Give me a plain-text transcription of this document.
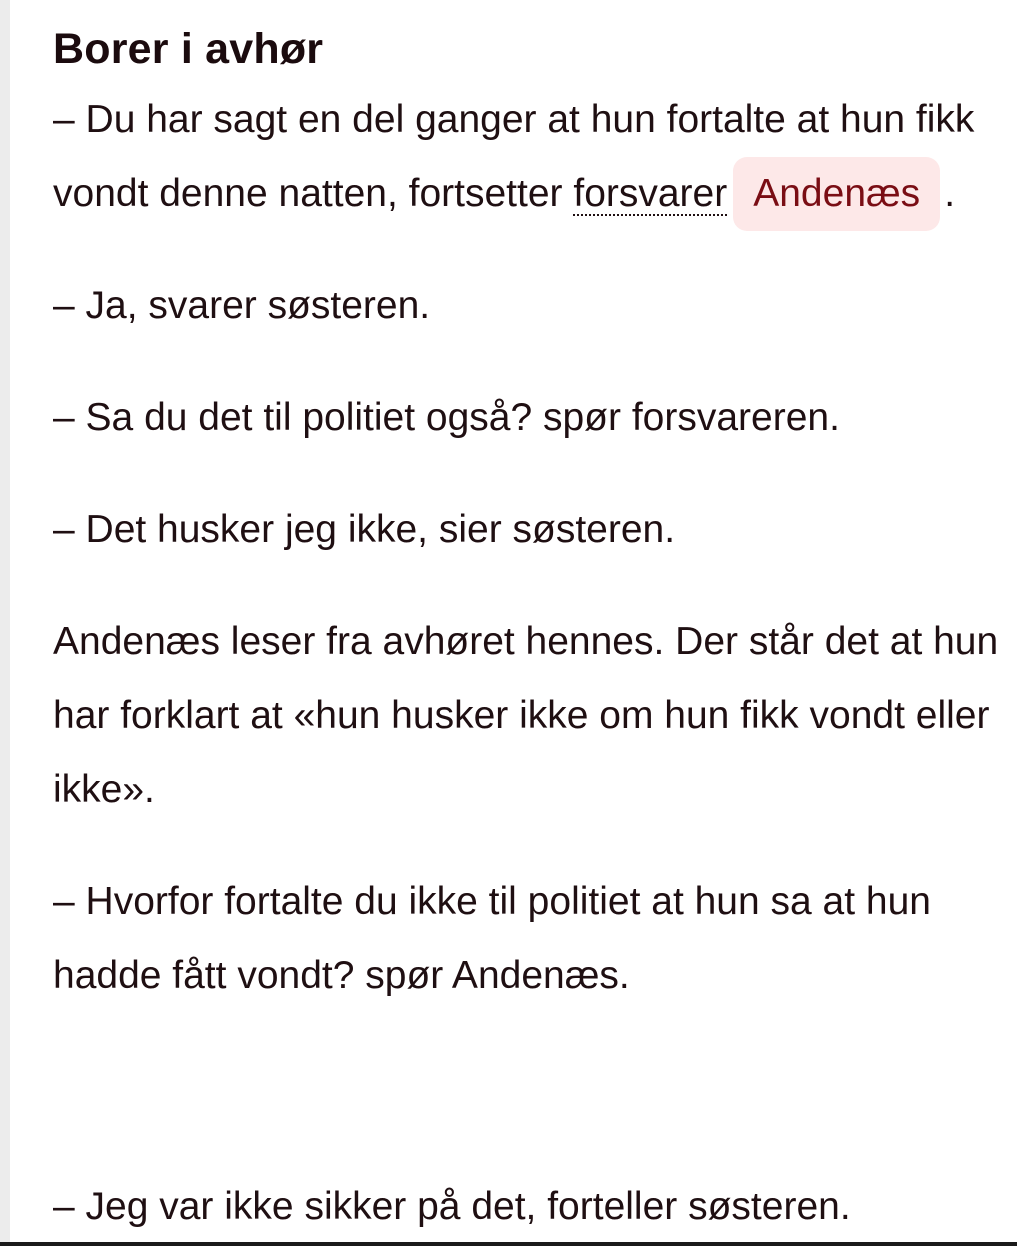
Borer i avhør

– Du har sagt en del ganger at hun fortalte at hun fikk vondt denne natten, fortsetter forsvarer Andenæs .

– Ja, svarer søsteren.

– Sa du det til politiet også? spør forsvareren.

– Det husker jeg ikke, sier søsteren.

Andenæs leser fra avhøret hennes. Der står det at hun har forklart at «hun husker ikke om hun fikk vondt eller ikke».

– Hvorfor fortalte du ikke til politiet at hun sa at hun hadde fått vondt? spør Andenæs.

– Jeg var ikke sikker på det, forteller søsteren.
